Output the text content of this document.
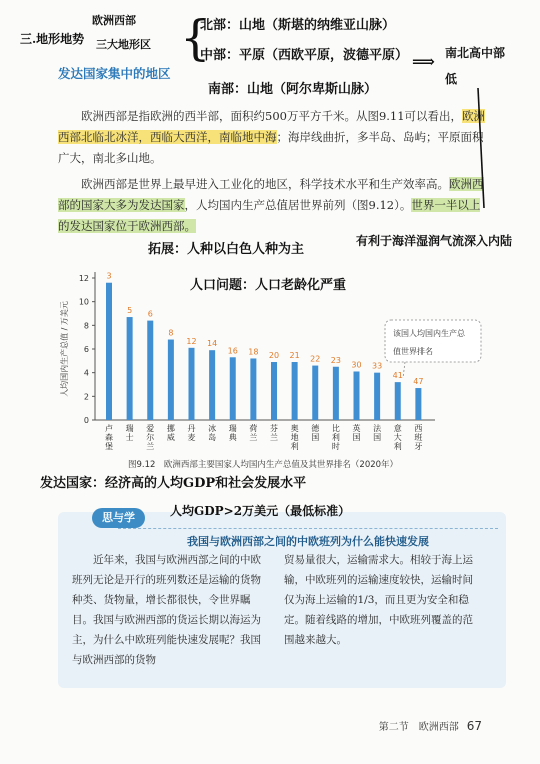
三.地形地势
欧洲西部
三大地形区 {
北部：山地（斯堪的纳维亚山脉）
中部：平原（西欧平原，波德平原）
南部：山地（阿尔卑斯山脉）
⟹ 南北高中部低
发达国家集中的地区

欧洲西部是指欧洲的西半部，面积约500万平方千米。从图9.11可以看出，欧洲西部北临北冰洋，西临大西洋，南临地中海；海岸线曲折，多半岛、岛屿；平原面积广大，南北多山地。

欧洲西部是世界上最早进入工业化的地区，科学技术水平和生产效率高。欧洲西部的国家大多为发达国家，人均国内生产总值居世界前列（图9.12）。世界一半以上的发达国家位于欧洲西部。

有利于海洋湿润气流深入内陆
拓展：人种以白色人种为主
人口问题：人口老龄化严重
0
2
4
6
8
10
12
人均国内生产总值 / 万美元
3
卢
森
堡
5
瑞
士
6
爱
尔
兰
8
挪
威
12
丹
麦
14
冰
岛
16
瑞
典
18
荷
兰
20
芬
兰
21
奥
地
利
22
德
国
23
比
利
时
30
英
国
33
法
国
41
意
大
利
47
西
班
牙
该国人均国内生产总
值世界排名
图9.12　欧洲西部主要国家人均国内生产总值及其世界排名（2020年）
发达国家：经济高的人均GDP和社会发展水平
思与学	人均GDP>2万美元（最低标准）
我国与欧洲西部之间的中欧班列为什么能快速发展
近年来，我国与欧洲西部之间的中欧班列无论是开行的班列数还是运输的货物种类、货物量，增长都很快，令世界瞩目。我国与欧洲西部的货运长期以海运为主，为什么中欧班列能快速发展呢？我国与欧洲西部的货物
贸易量很大，运输需求大。相较于海上运输，中欧班列的运输速度较快，运输时间仅为海上运输的1/3，而且更为安全和稳定。随着线路的增加，中欧班列覆盖的范围越来越大。
第二节　欧洲西部 67
